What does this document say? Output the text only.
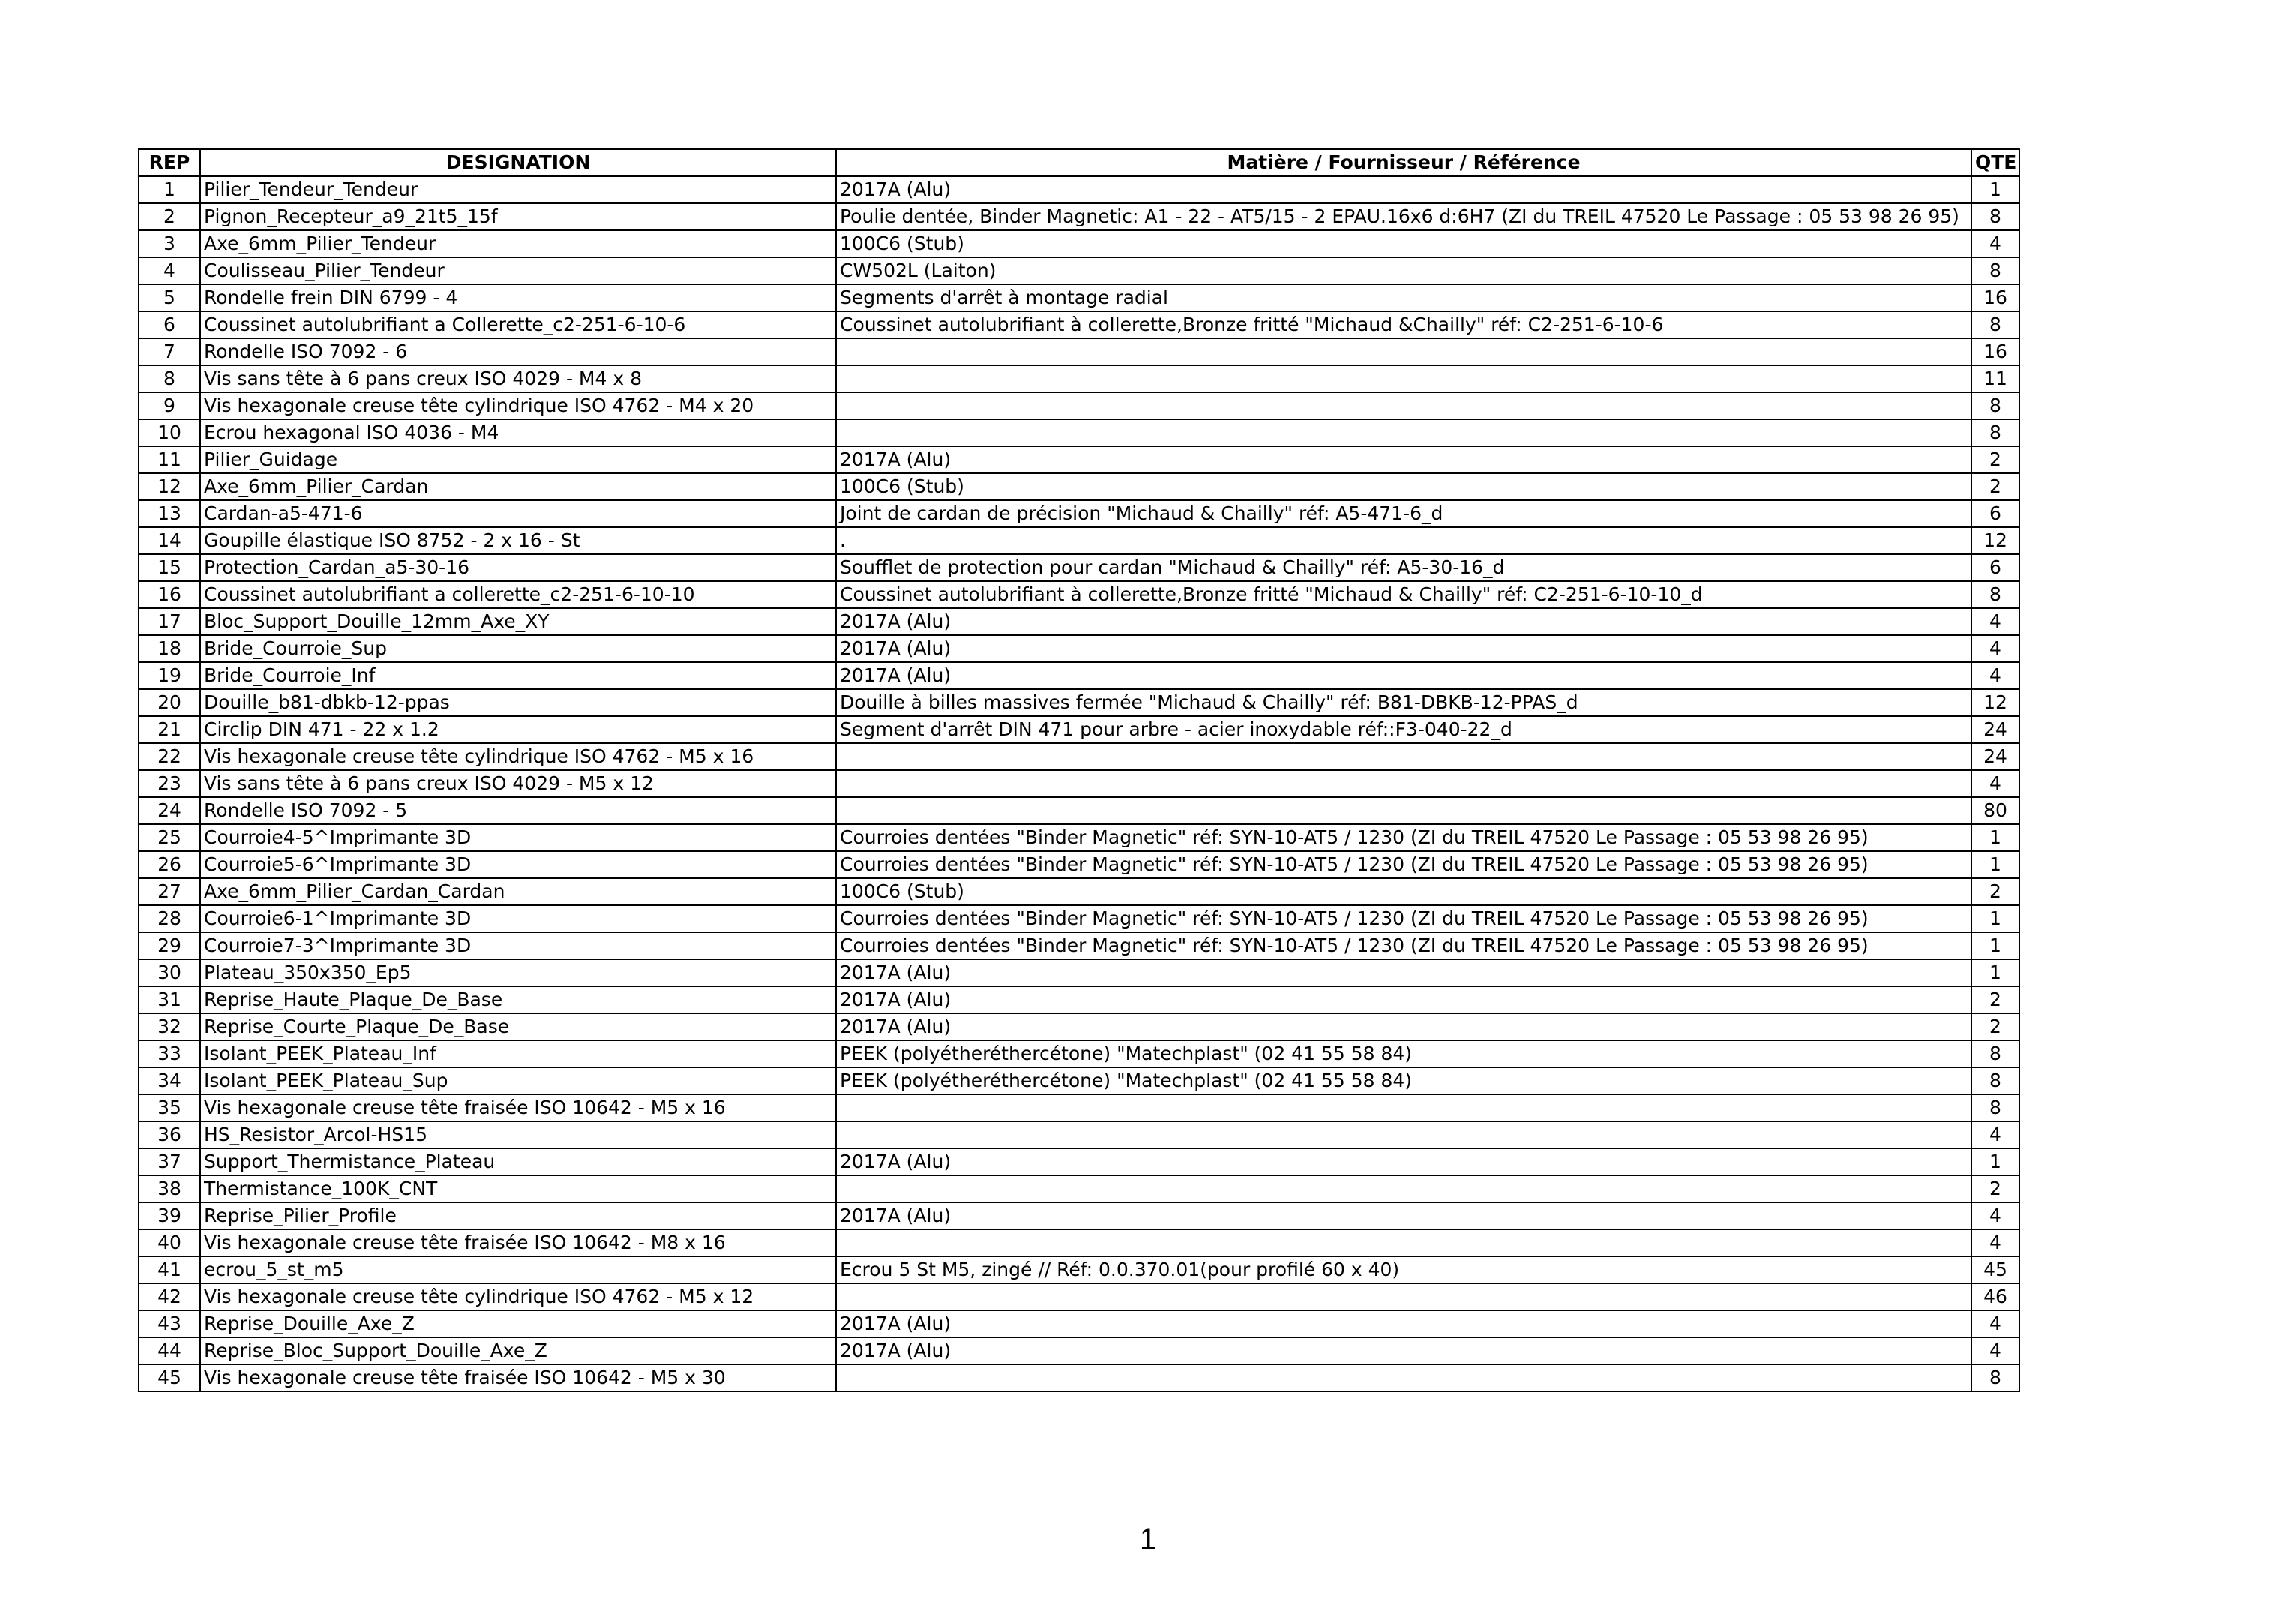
REP	DESIGNATION	Matière / Fournisseur / Référence	QTE
1	Pilier_Tendeur_Tendeur	2017A (Alu)	1
2	Pignon_Recepteur_a9_21t5_15f	Poulie dentée, Binder Magnetic: A1 - 22 - AT5/15 - 2 EPAU.16x6 d:6H7 (ZI du TREIL 47520 Le Passage : 05 53 98 26 95)	8
3	Axe_6mm_Pilier_Tendeur	100C6 (Stub)	4
4	Coulisseau_Pilier_Tendeur	CW502L (Laiton)	8
5	Rondelle frein DIN 6799 - 4	Segments d'arrêt à montage radial	16
6	Coussinet autolubrifiant a Collerette_c2-251-6-10-6	Coussinet autolubrifiant à collerette,Bronze fritté "Michaud &Chailly" réf: C2-251-6-10-6	8
7	Rondelle ISO 7092 - 6		16
8	Vis sans tête à 6 pans creux ISO 4029 - M4 x 8		11
9	Vis hexagonale creuse tête cylindrique ISO 4762 - M4 x 20		8
10	Ecrou hexagonal ISO 4036 - M4		8
11	Pilier_Guidage	2017A (Alu)	2
12	Axe_6mm_Pilier_Cardan	100C6 (Stub)	2
13	Cardan-a5-471-6	Joint de cardan de précision "Michaud & Chailly" réf: A5-471-6_d	6
14	Goupille élastique ISO 8752 - 2 x 16 - St	.	12
15	Protection_Cardan_a5-30-16	Soufflet de protection pour cardan "Michaud & Chailly" réf: A5-30-16_d	6
16	Coussinet autolubrifiant a collerette_c2-251-6-10-10	Coussinet autolubrifiant à collerette,Bronze fritté "Michaud & Chailly" réf: C2-251-6-10-10_d	8
17	Bloc_Support_Douille_12mm_Axe_XY	2017A (Alu)	4
18	Bride_Courroie_Sup	2017A (Alu)	4
19	Bride_Courroie_Inf	2017A (Alu)	4
20	Douille_b81-dbkb-12-ppas	Douille à billes massives fermée "Michaud & Chailly" réf: B81-DBKB-12-PPAS_d	12
21	Circlip DIN 471 - 22 x 1.2	Segment d'arrêt DIN 471 pour arbre - acier inoxydable réf::F3-040-22_d	24
22	Vis hexagonale creuse tête cylindrique ISO 4762 - M5 x 16		24
23	Vis sans tête à 6 pans creux ISO 4029 - M5 x 12		4
24	Rondelle ISO 7092 - 5		80
25	Courroie4-5^Imprimante 3D	Courroies dentées "Binder Magnetic" réf: SYN-10-AT5 / 1230 (ZI du TREIL 47520 Le Passage : 05 53 98 26 95)	1
26	Courroie5-6^Imprimante 3D	Courroies dentées "Binder Magnetic" réf: SYN-10-AT5 / 1230 (ZI du TREIL 47520 Le Passage : 05 53 98 26 95)	1
27	Axe_6mm_Pilier_Cardan_Cardan	100C6 (Stub)	2
28	Courroie6-1^Imprimante 3D	Courroies dentées "Binder Magnetic" réf: SYN-10-AT5 / 1230 (ZI du TREIL 47520 Le Passage : 05 53 98 26 95)	1
29	Courroie7-3^Imprimante 3D	Courroies dentées "Binder Magnetic" réf: SYN-10-AT5 / 1230 (ZI du TREIL 47520 Le Passage : 05 53 98 26 95)	1
30	Plateau_350x350_Ep5	2017A (Alu)	1
31	Reprise_Haute_Plaque_De_Base	2017A (Alu)	2
32	Reprise_Courte_Plaque_De_Base	2017A (Alu)	2
33	Isolant_PEEK_Plateau_Inf	PEEK (polyétheréthercétone) "Matechplast" (02 41 55 58 84)	8
34	Isolant_PEEK_Plateau_Sup	PEEK (polyétheréthercétone) "Matechplast" (02 41 55 58 84)	8
35	Vis hexagonale creuse tête fraisée ISO 10642 - M5 x 16		8
36	HS_Resistor_Arcol-HS15		4
37	Support_Thermistance_Plateau	2017A (Alu)	1
38	Thermistance_100K_CNT		2
39	Reprise_Pilier_Profile	2017A (Alu)	4
40	Vis hexagonale creuse tête fraisée ISO 10642 - M8 x 16		4
41	ecrou_5_st_m5	Ecrou 5 St M5, zingé // Réf: 0.0.370.01(pour profilé 60 x 40)	45
42	Vis hexagonale creuse tête cylindrique ISO 4762 - M5 x 12		46
43	Reprise_Douille_Axe_Z	2017A (Alu)	4
44	Reprise_Bloc_Support_Douille_Axe_Z	2017A (Alu)	4
45	Vis hexagonale creuse tête fraisée ISO 10642 - M5 x 30		8
1
